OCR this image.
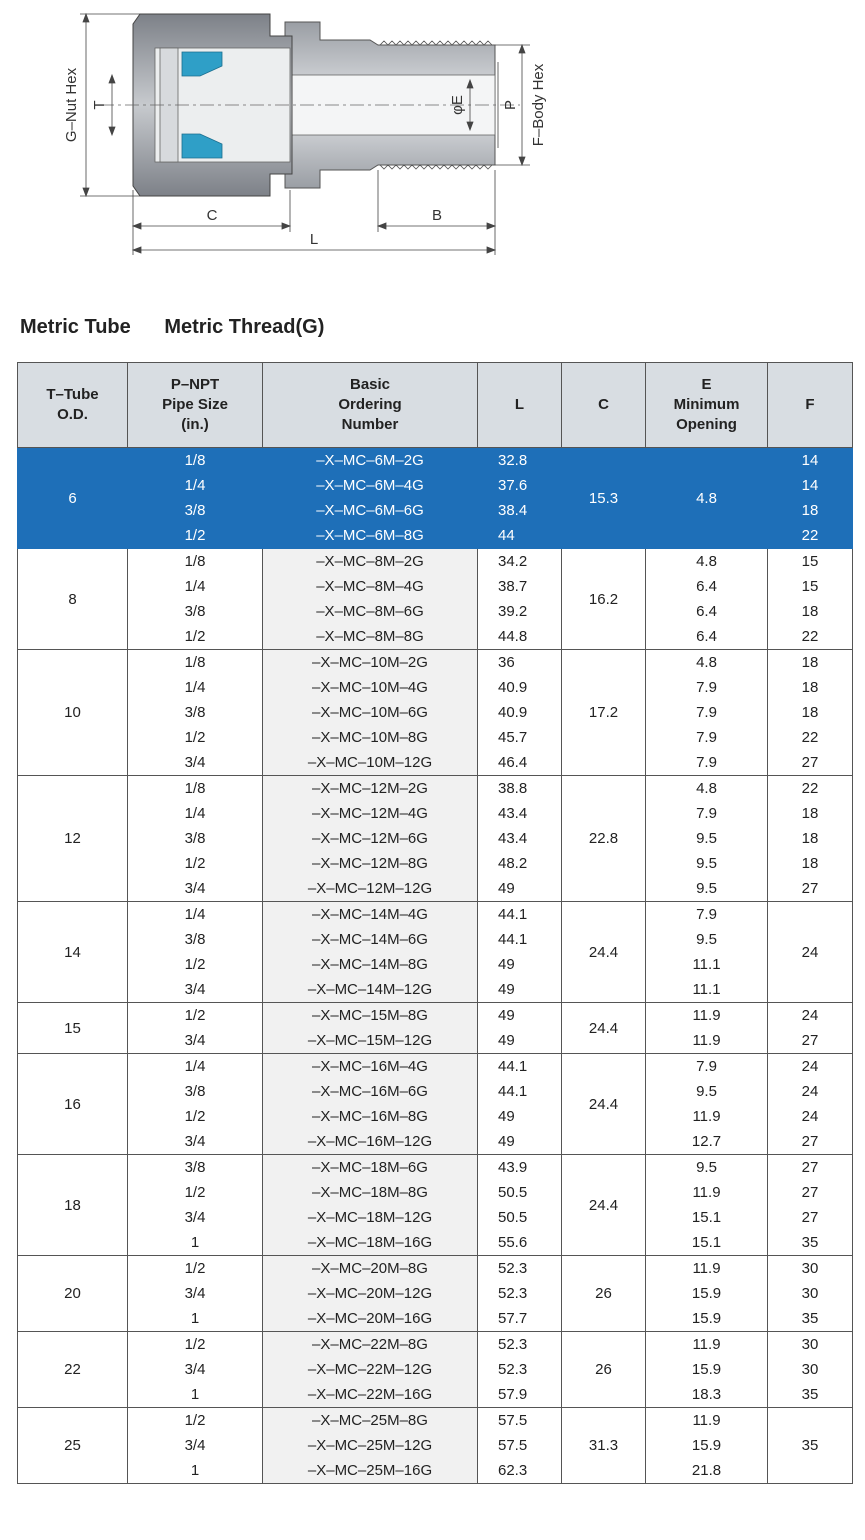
G–Nut Hex T	φE P F–Body Hex
C	B
L
Metric Tube Metric Thread(G)
T–Tube
O.D.	P–NPT
Pipe Size
(in.)	Basic
Ordering
Number	L	C	E
Minimum
Opening	F
6	1/8	–X–MC–6M–2G	32.8	15.3	4.8	14
	1/4	–X–MC–6M–4G	37.6			14
	3/8	–X–MC–6M–6G	38.4			18
	1/2	–X–MC–6M–8G	44			22
8	1/8	–X–MC–8M–2G	34.2	16.2	4.8	15
	1/4	–X–MC–8M–4G	38.7		6.4	15
	3/8	–X–MC–8M–6G	39.2		6.4	18
	1/2	–X–MC–8M–8G	44.8		6.4	22
10	1/8	–X–MC–10M–2G	36	17.2	4.8	18
	1/4	–X–MC–10M–4G	40.9		7.9	18
	3/8	–X–MC–10M–6G	40.9		7.9	18
	1/2	–X–MC–10M–8G	45.7		7.9	22
	3/4	–X–MC–10M–12G	46.4		7.9	27
12	1/8	–X–MC–12M–2G	38.8	22.8	4.8	22
	1/4	–X–MC–12M–4G	43.4		7.9	18
	3/8	–X–MC–12M–6G	43.4		9.5	18
	1/2	–X–MC–12M–8G	48.2		9.5	18
	3/4	–X–MC–12M–12G	49		9.5	27
14	1/4	–X–MC–14M–4G	44.1	24.4	7.9	24
	3/8	–X–MC–14M–6G	44.1		9.5	
	1/2	–X–MC–14M–8G	49		11.1	
	3/4	–X–MC–14M–12G	49		11.1	
15	1/2	–X–MC–15M–8G	49	24.4	11.9	24
	3/4	–X–MC–15M–12G	49		11.9	27
16	1/4	–X–MC–16M–4G	44.1	24.4	7.9	24
	3/8	–X–MC–16M–6G	44.1		9.5	24
	1/2	–X–MC–16M–8G	49		11.9	24
	3/4	–X–MC–16M–12G	49		12.7	27
18	3/8	–X–MC–18M–6G	43.9	24.4	9.5	27
	1/2	–X–MC–18M–8G	50.5		11.9	27
	3/4	–X–MC–18M–12G	50.5		15.1	27
	1	–X–MC–18M–16G	55.6		15.1	35
20	1/2	–X–MC–20M–8G	52.3	26	11.9	30
	3/4	–X–MC–20M–12G	52.3		15.9	30
	1	–X–MC–20M–16G	57.7		15.9	35
22	1/2	–X–MC–22M–8G	52.3	26	11.9	30
	3/4	–X–MC–22M–12G	52.3		15.9	30
	1	–X–MC–22M–16G	57.9		18.3	35
25	1/2	–X–MC–25M–8G	57.5	31.3	11.9	35
	3/4	–X–MC–25M–12G	57.5		15.9	
	1	–X–MC–25M–16G	62.3		21.8	
